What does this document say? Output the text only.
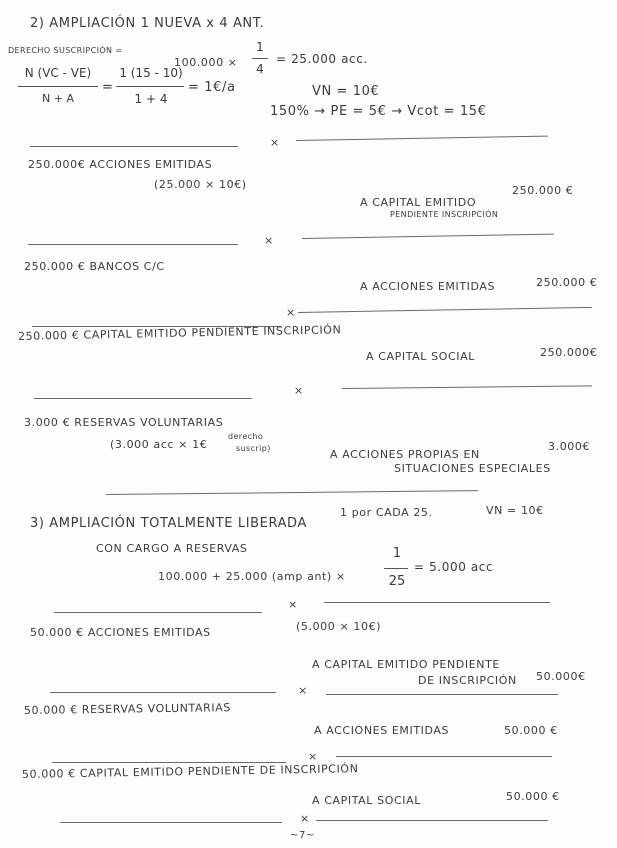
2) AMPLIACIÓN 1 NUEVA x 4 ANT.
DERECHO SUSCRIPCIÓN =
N (VC - VE)
N + A
=
1 (15 - 10)
1 + 4
= 1€/a
100.000 ×
1
4
= 25.000 acc.
VN = 10€
150% → PE = 5€ → Vcot = 15€
×
250.000€ ACCIONES EMITIDAS
(25.000 × 10€)
A CAPITAL EMITIDO
250.000 €
PENDIENTE INSCRIPCIÓN
×
250.000 € BANCOS C/C
A ACCIONES EMITIDAS	250.000 €
×
250.000 € CAPITAL EMITIDO PENDIENTE INSCRIPCIÓN
A CAPITAL SOCIAL	250.000€
×
3.000 € RESERVAS VOLUNTARIAS
(3.000 acc × 1€
derecho
suscrip)	A ACCIONES PROPIAS EN
3.000€
SITUACIONES ESPECIALES
3) AMPLIACIÓN TOTALMENTE LIBERADA
1 por CADA 25.	VN = 10€
CON CARGO A RESERVAS
100.000 + 25.000 (amp ant) ×
1
25
= 5.000 acc
×
50.000 € ACCIONES EMITIDAS	(5.000 × 10€)
A CAPITAL EMITIDO PENDIENTE
DE INSCRIPCIÓN 50.000€
×
50.000 € RESERVAS VOLUNTARIAS
A ACCIONES EMITIDAS	50.000 €
×
50.000 € CAPITAL EMITIDO PENDIENTE DE INSCRIPCIÓN
A CAPITAL SOCIAL	50.000 €
×
~7~
